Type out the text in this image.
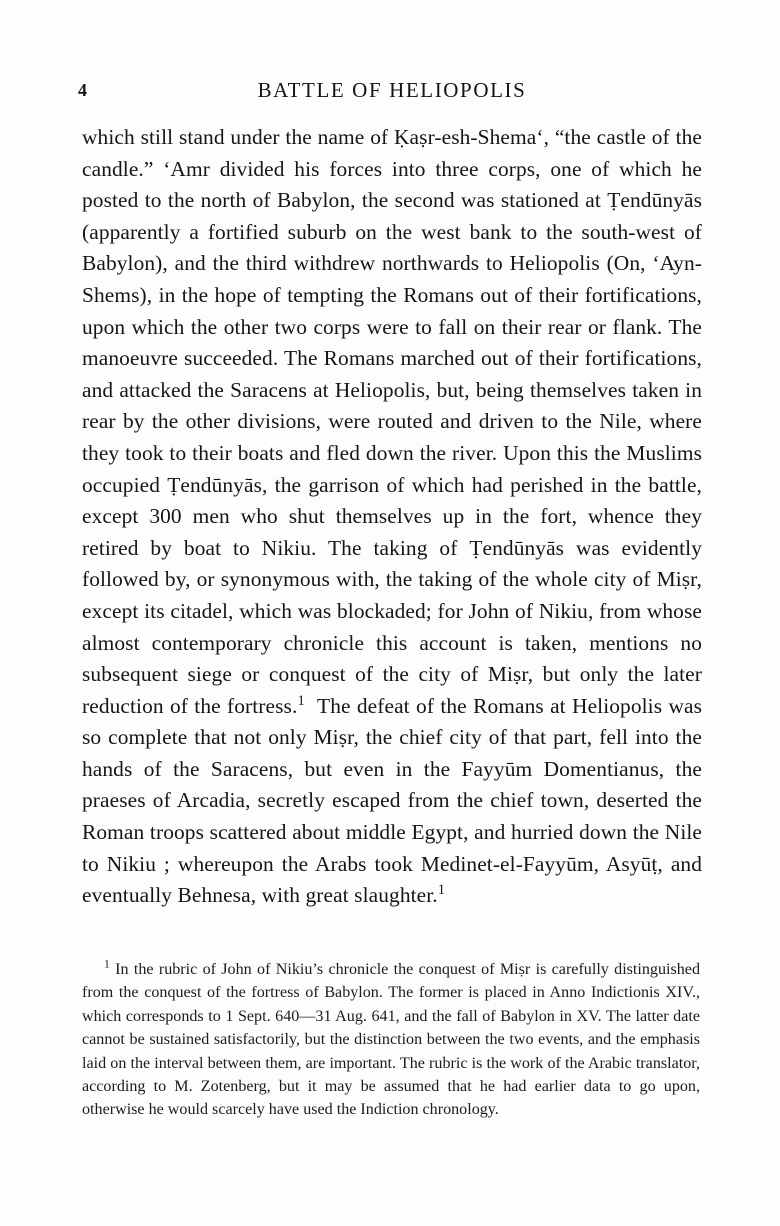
4	BATTLE OF HELIOPOLIS

which still stand under the name of Ḳaṣr-esh-Shema‘, “the castle of the candle.” ‘Amr divided his forces into three corps, one of which he posted to the north of Babylon, the second was stationed at Ṭendūnyās (apparently a fortified suburb on the west bank to the south-west of Babylon), and the third withdrew northwards to Heliopolis (On, ‘Ayn-Shems), in the hope of tempting the Romans out of their fortifications, upon which the other two corps were to fall on their rear or flank. The manoeuvre succeeded. The Romans marched out of their fortifications, and attacked the Saracens at Heliopolis, but, being themselves taken in rear by the other divisions, were routed and driven to the Nile, where they took to their boats and fled down the river. Upon this the Muslims occupied Ṭendūnyās, the garrison of which had perished in the battle, except 300 men who shut themselves up in the fort, whence they retired by boat to Nikiu. The taking of Ṭendūnyās was evidently followed by, or synonymous with, the taking of the whole city of Miṣr, except its citadel, which was blockaded; for John of Nikiu, from whose almost contemporary chronicle this account is taken, mentions no subsequent siege or conquest of the city of Miṣr, but only the later reduction of the fortress.$^1$ The defeat of the Romans at Heliopolis was so complete that not only Miṣr, the chief city of that part, fell into the hands of the Saracens, but even in the Fayyūm Domentianus, the praeses of Arcadia, secretly escaped from the chief town, deserted the Roman troops scattered about middle Egypt, and hurried down the Nile to Nikiu ; whereupon the Arabs took Medinet-el-Fayyūm, Asyūṭ, and eventually Behnesa, with great slaughter.$^1$

$^1$ In the rubric of John of Nikiu’s chronicle the conquest of Miṣr is carefully distinguished from the conquest of the fortress of Babylon. The former is placed in Anno Indictionis XIV., which corresponds to 1 Sept. 640—31 Aug. 641, and the fall of Babylon in XV. The latter date cannot be sustained satisfactorily, but the distinction between the two events, and the emphasis laid on the interval between them, are important. The rubric is the work of the Arabic translator, according to M. Zotenberg, but it may be assumed that he had earlier data to go upon, otherwise he would scarcely have used the Indiction chronology.
